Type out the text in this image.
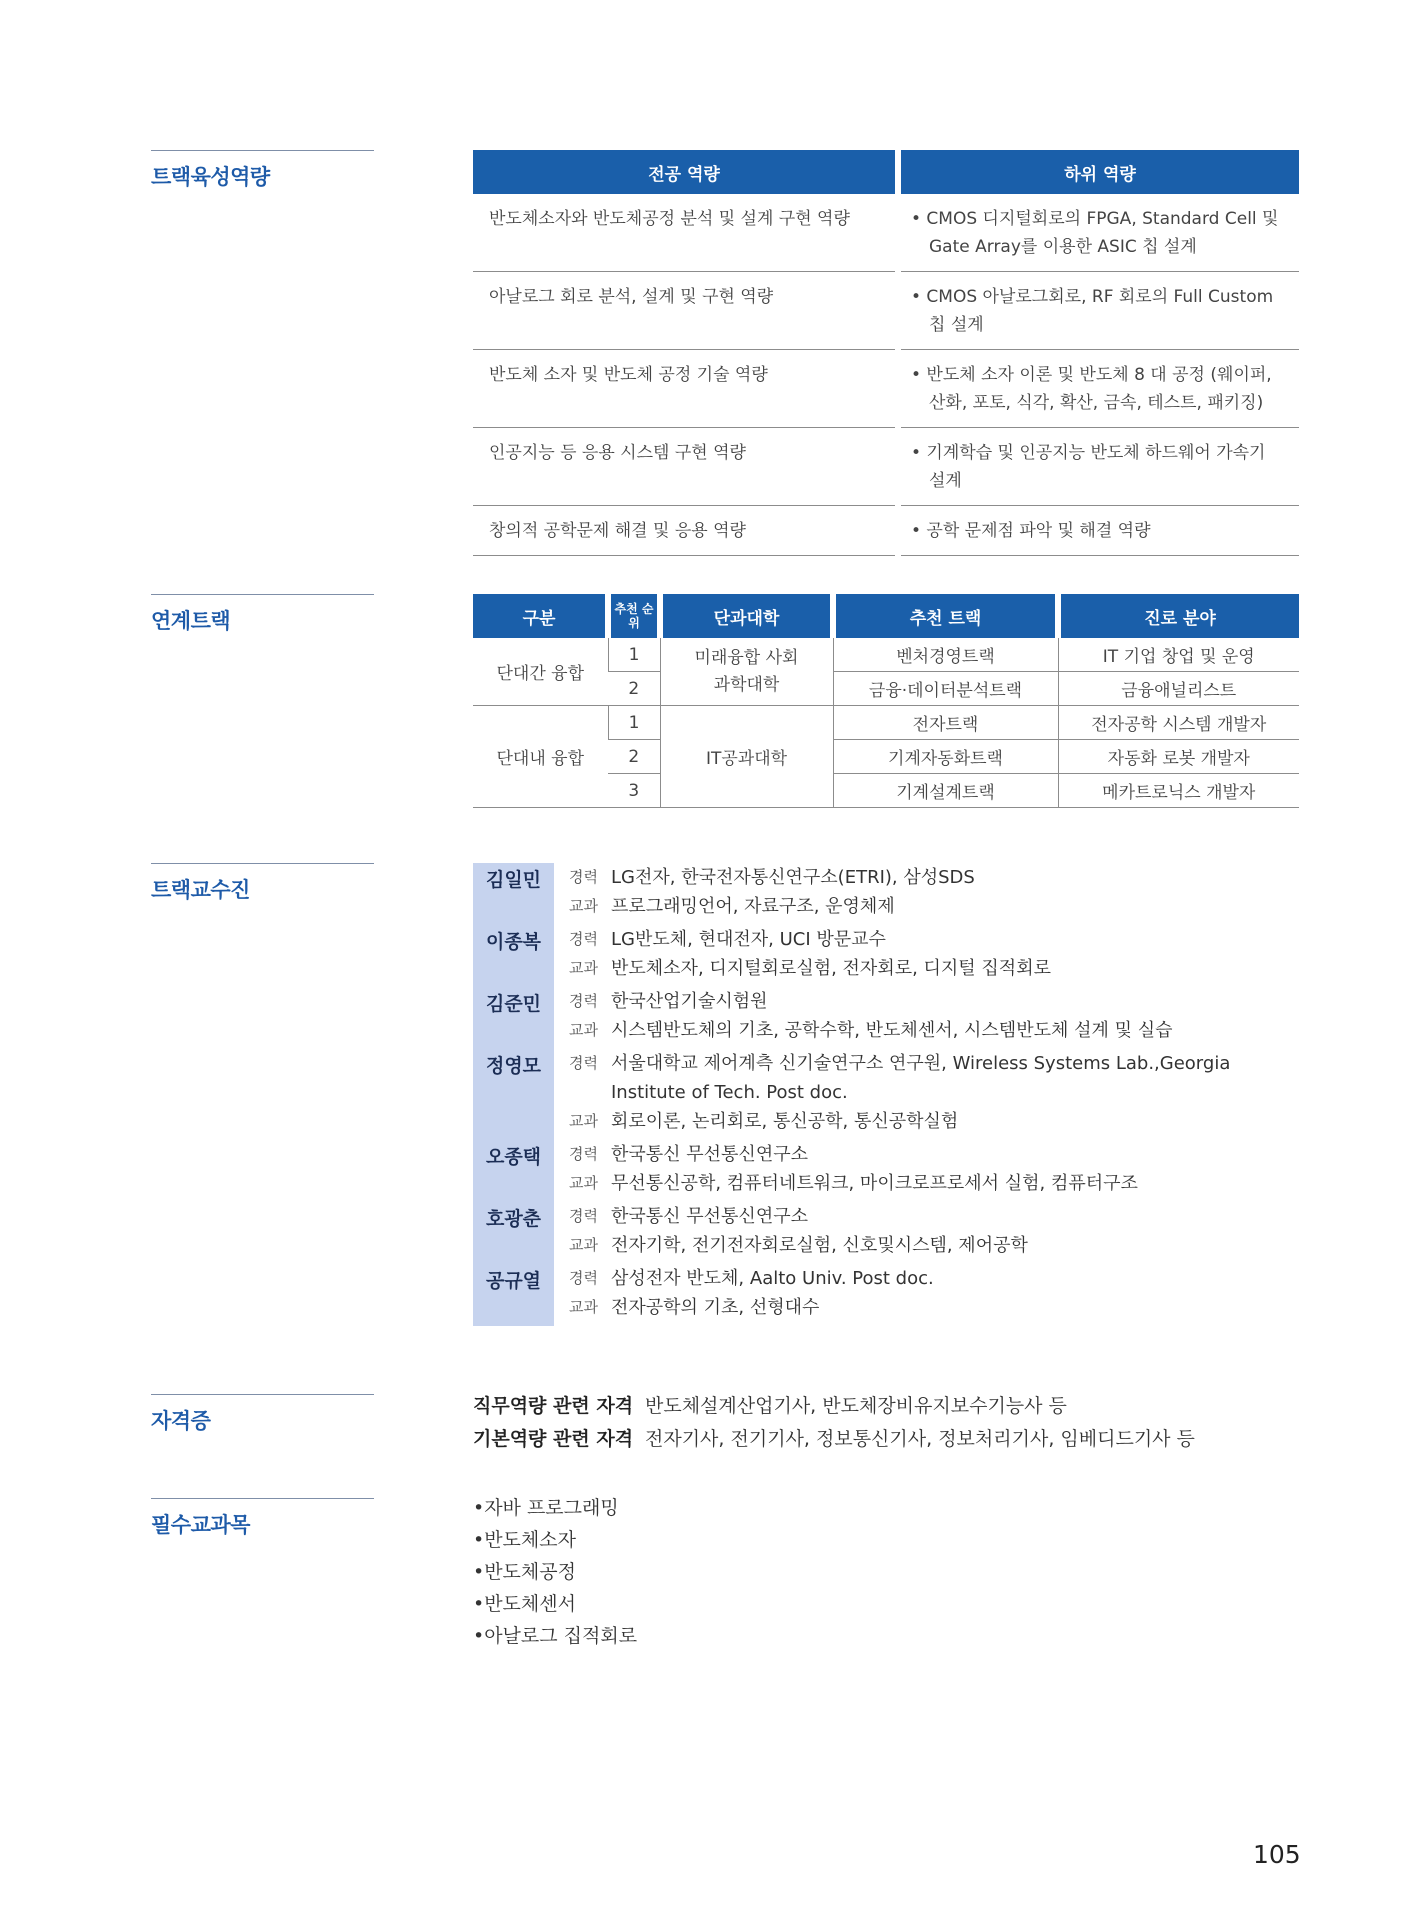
트랙육성역량
연계트랙
트랙교수진
자격증
필수교과목
전공 역량	하위 역량
반도체소자와 반도체공정 분석 및 설계 구현 역량	• CMOS 디지털회로의 FPGA, Standard Cell 및 Gate Array를 이용한 ASIC 칩 설계

아날로그 회로 분석, 설계 및 구현 역량	• CMOS 아날로그회로, RF 회로의 Full Custom 칩 설계

반도체 소자 및 반도체 공정 기술 역량	• 반도체 소자 이론 및 반도체 8 대 공정 (웨이퍼, 산화, 포토, 식각, 확산, 금속, 테스트, 패키징)

인공지능 등 응용 시스템 구현 역량	• 기계학습 및 인공지능 반도체 하드웨어 가속기 설계

창의적 공학문제 해결 및 응용 역량	• 공학 문제점 파악 및 해결 역량
구분	추천 순위	단과대학	추천 트랙	진로 분야
단대간 융합	1	미래융합 사회과학대학	벤처경영트랙	IT 기업 창업 및 운영
	2		금융·데이터분석트랙	금융애널리스트
단대내 융합	1	IT공과대학	전자트랙	전자공학 시스템 개발자
	2		기계자동화트랙	자동화 로봇 개발자
	3		기계설계트랙	메카트로닉스 개발자
김일민	경력 LG전자, 한국전자통신연구소(ETRI), 삼성SDS
교과 프로그래밍언어, 자료구조, 운영체제
이종복	경력 LG반도체, 현대전자, UCI 방문교수
교과 반도체소자, 디지털회로실험, 전자회로, 디지털 집적회로
김준민	경력 한국산업기술시험원
교과 시스템반도체의 기초, 공학수학, 반도체센서, 시스템반도체 설계 및 실습
정영모	경력 서울대학교 제어계측 신기술연구소 연구원, Wireless Systems Lab.,Georgia Institute of Tech. Post doc.
교과 회로이론, 논리회로, 통신공학, 통신공학실험
오종택	경력 한국통신 무선통신연구소
교과 무선통신공학, 컴퓨터네트워크, 마이크로프로세서 실험, 컴퓨터구조
호광춘	경력 한국통신 무선통신연구소
교과 전자기학, 전기전자회로실험, 신호및시스템, 제어공학
공규열	경력 삼성전자 반도체, Aalto Univ. Post doc.
교과 전자공학의 기초, 선형대수
직무역량 관련 자격 반도체설계산업기사, 반도체장비유지보수기능사 등
기본역량 관련 자격 전자기사, 전기기사, 정보통신기사, 정보처리기사, 임베디드기사 등
•자바 프로그래밍
•반도체소자
•반도체공정
•반도체센서
•아날로그 집적회로
105
